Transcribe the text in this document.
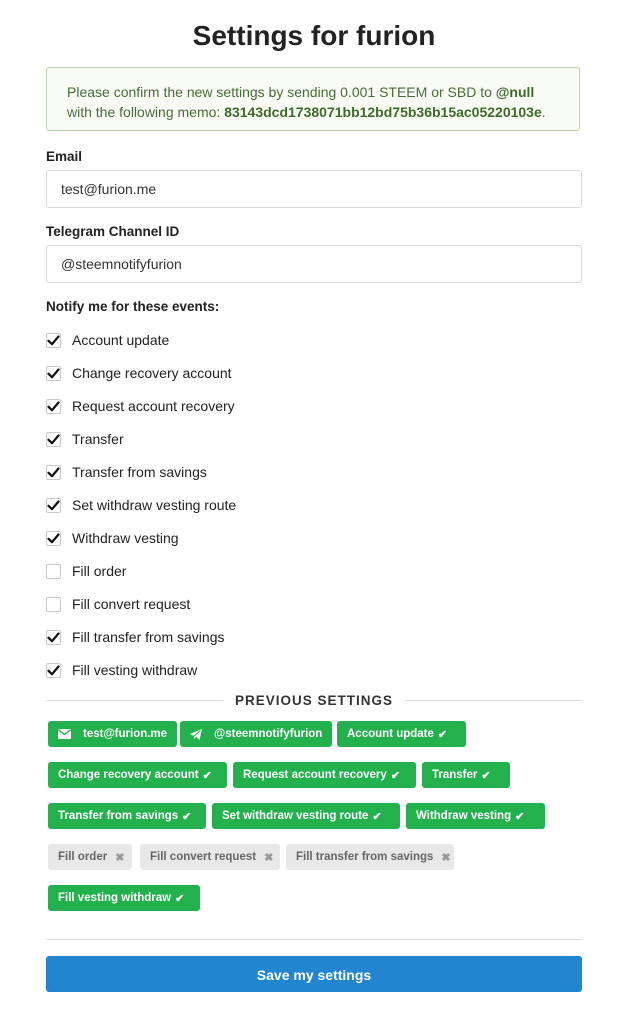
Settings for furion
Please confirm the new settings by sending 0.001 STEEM or SBD to @null with the following memo: 83143dcd1738071bb12bd75b36b15ac05220103e.
Email
test@furion.me
Telegram Channel ID
@steemnotifyfurion
Notify me for these events:
Account update
Change recovery account
Request account recovery
Transfer
Transfer from savings
Set withdraw vesting route
Withdraw vesting
Fill order
Fill convert request
Fill transfer from savings
Fill vesting withdraw
PREVIOUS SETTINGS
test@furion.me	@steemnotifyfurion Account update ✔
Change recovery account ✔	Request account recovery ✔	Transfer ✔
Transfer from savings ✔	Set withdraw vesting route ✔	Withdraw vesting ✔
Fill order ✖ Fill convert request ✖ Fill transfer from savings ✖
Fill vesting withdraw ✔
Save my settings
